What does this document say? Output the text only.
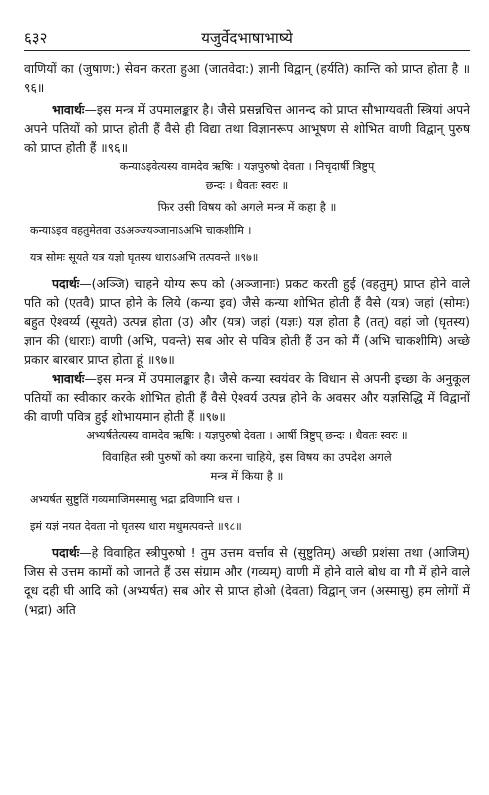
६३२	यजुर्वेदभाषाभाष्ये

वाणियों का (जुषाण:) सेवन करता हुआ (जातवेदा:) ज्ञानी विद्वान् (हर्यति) कान्ति को प्राप्त होता है ॥९६॥

भावार्थः—इस मन्त्र में उपमालङ्कार है। जैसे प्रसन्नचित्त आनन्द को प्राप्त सौभाग्यवती स्त्रियां अपने अपने पतियों को प्राप्त होती हैं वैसे ही विद्या तथा विज्ञानरूप आभूषण से शोभित वाणी विद्वान् पुरुष को प्राप्त होती हैं ॥९६॥

कन्याऽइवेत्यस्य वामदेव ऋषिः । यज्ञपुरुषो देवता । निचृदार्षी त्रिष्टुप्

छन्दः । धैवतः स्वरः ॥

फिर उसी विषय को अगले मन्त्र में कहा है ॥

कन्याऽइव वहतुमेतवा उऽअञ्ज्यञ्जानाऽअभि चाकशीमि ।

यत्र सोमः सूयते यत्र यज्ञो घृतस्य धाराऽअभि तत्पवन्ते ॥९७॥

पदार्थः—(अञ्जि) चाहने योग्य रूप को (अञ्जानाः) प्रकट करती हुई (वहतुम्) प्राप्त होने वाले पति को (एतवै) प्राप्त होने के लिये (कन्या इव) जैसे कन्या शोभित होती हैं वैसे (यत्र) जहां (सोमः) बहुत ऐश्वर्य्य (सूयते) उत्पन्न होता (उ) और (यत्र) जहां (यज्ञः) यज्ञ होता है (तत्) वहां जो (घृतस्य) ज्ञान की (धाराः) वाणी (अभि, पवन्ते) सब ओर से पवित्र होती हैं उन को मैं (अभि चाकशीमि) अच्छे प्रकार बारबार प्राप्त होता हूं ॥९७॥

भावार्थः—इस मन्त्र में उपमालङ्कार है। जैसे कन्या स्वयंवर के विधान से अपनी इच्छा के अनुकूल पतियों का स्वीकार करके शोभित होती हैं वैसे ऐश्वर्य उत्पन्न होने के अवसर और यज्ञसिद्धि में विद्वानों की वाणी पवित्र हुई शोभायमान होती हैं ॥९७॥

अभ्यर्षतेत्यस्य वामदेव ऋषिः । यज्ञपुरुषो देवता । आर्षी त्रिष्टुप् छन्दः । धैवतः स्वरः ॥

विवाहित स्त्री पुरुषों को क्या करना चाहिये, इस विषय का उपदेश अगले

मन्त्र में किया है ॥

अभ्यर्षत सुष्टुतिं गव्यमाजिमस्मासु भद्रा द्रविणानि धत्त ।

इमं यज्ञं नयत देवता नो घृतस्य धारा मधुमत्पवन्ते ॥९८॥

पदार्थः—हे विवाहित स्त्रीपुरुषो ! तुम उत्तम वर्त्ताव से (सुष्टुतिम्) अच्छी प्रशंसा तथा (आजिम्) जिस से उत्तम कामों को जानते हैं उस संग्राम और (गव्यम्) वाणी में होने वाले बोध वा गौ में होने वाले दूध दही घी आदि को (अभ्यर्षत) सब ओर से प्राप्त होओ (देवता) विद्वान् जन (अस्मासु) हम लोगों में (भद्रा) अति
